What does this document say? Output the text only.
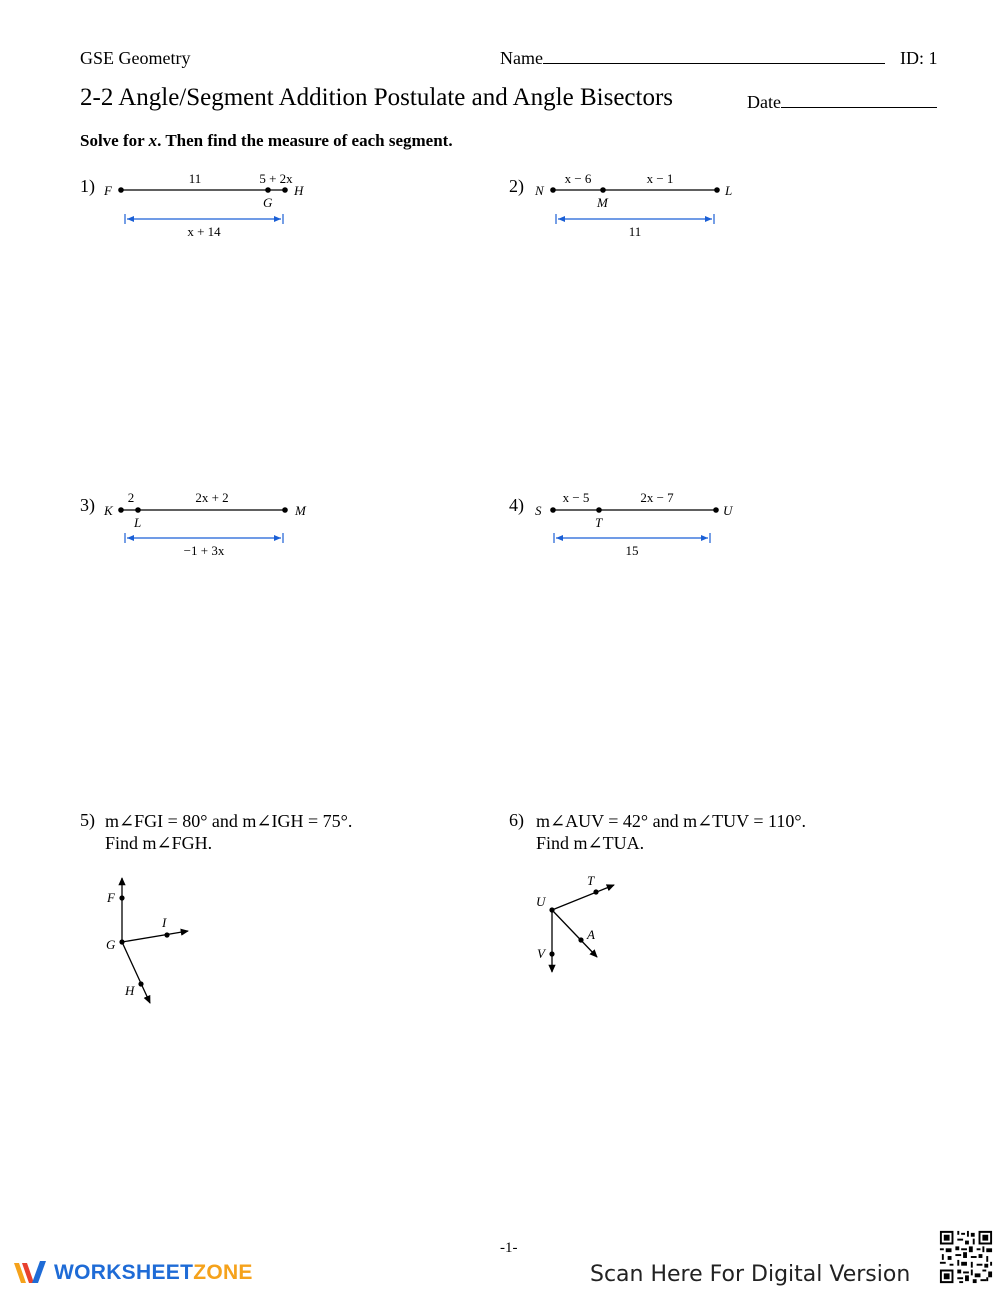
GSE Geometry	Name	ID: 1
2-2 Angle/Segment Addition Postulate and Angle Bisectors	Date
Solve for x. Then find the measure of each segment.
1)	2)
3)	4)
F
G
H
11	5 + 2x
x + 14
N
M
L
x − 6	x − 1
11
K
L
M
2	2x + 2
−1 + 3x
S
T
U
x − 5	2x − 7
15
F
I
G
H
T
U
A
V
5) m∠FGI = 80° and m∠IGH = 75°.
Find m∠FGH.
6) m∠AUV = 42° and m∠TUV = 110°.
Find m∠TUA.
-1-
WORKSHEETZONE	Scan Here For Digital Version
